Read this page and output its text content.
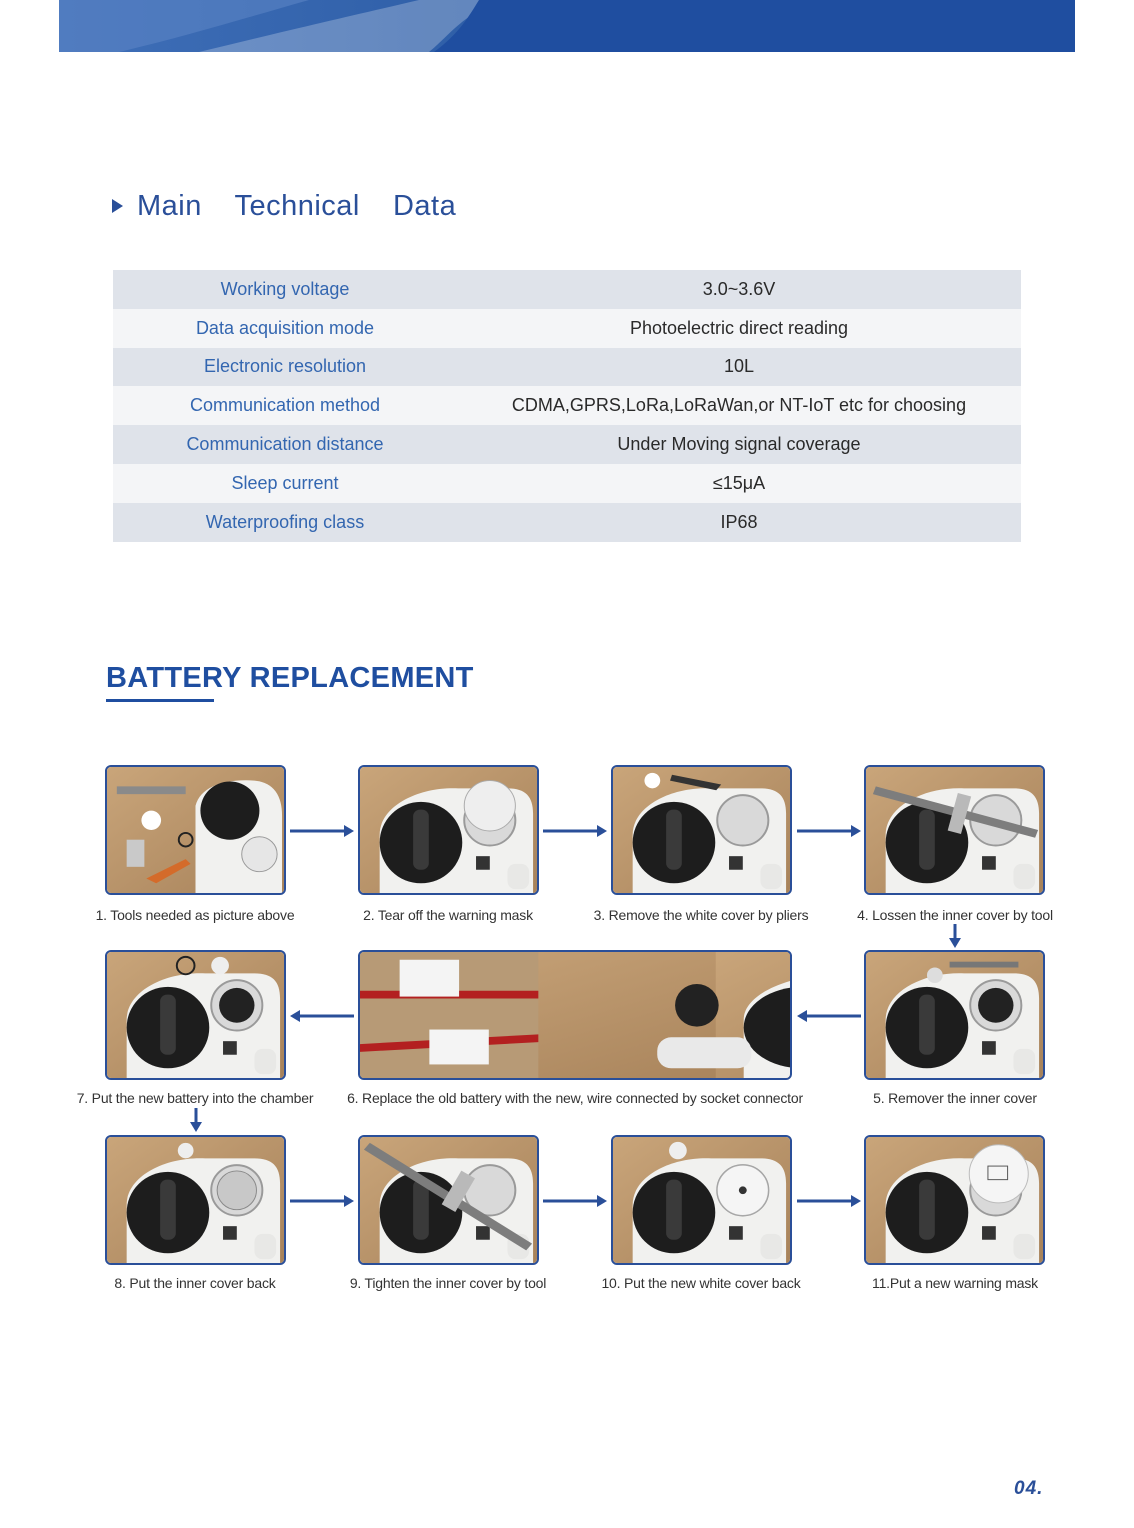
Main  Technical  Data
Working voltage	3.0~3.6V
Data acquisition mode	Photoelectric direct reading
Electronic resolution	10L
Communication method	CDMA,GPRS,LoRa,LoRaWan,or NT-IoT etc for choosing
Communication distance	Under Moving signal coverage
Sleep current	≤15μA
Waterproofing class	IP68
BATTERY REPLACEMENT
1. Tools needed as picture above	2. Tear off the warning mask	3. Remove the white cover by pliers	4. Lossen the inner cover by tool
7. Put the new battery into the chamber 6. Replace the old battery with the new, wire connected by socket connector	5. Remover the inner cover
8. Put the inner cover back	9. Tighten the inner cover by tool	10. Put the new white cover back	11.Put a new warning mask
04.
